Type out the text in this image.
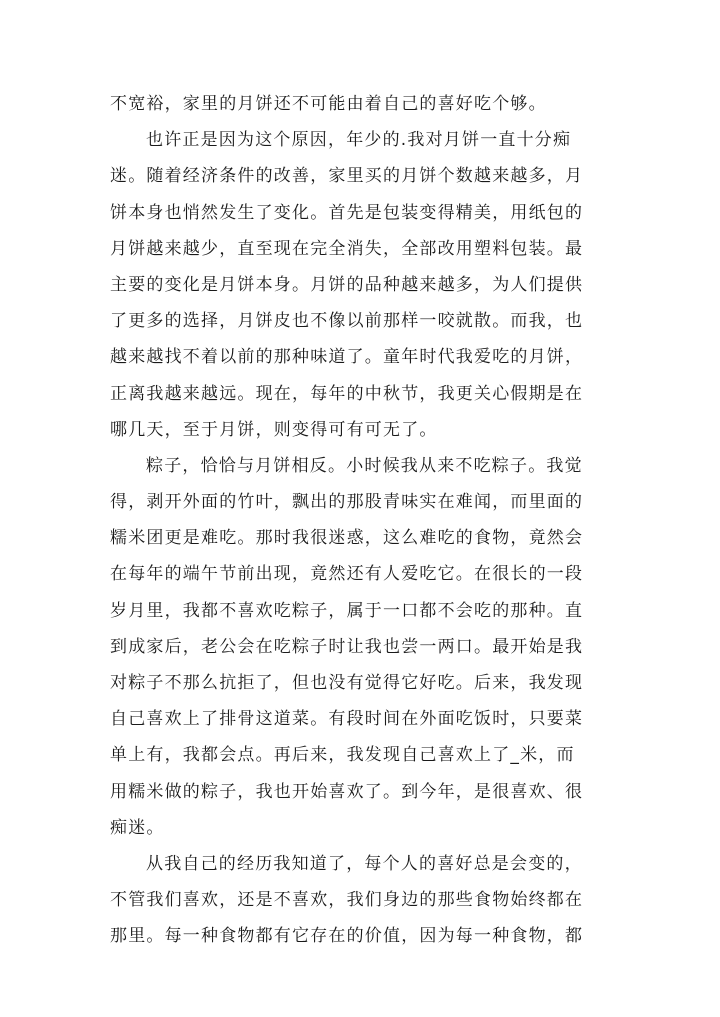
不宽裕，家里的月饼还不可能由着自己的喜好吃个够。
也许正是因为这个原因，年少的.我对月饼一直十分痴
迷。随着经济条件的改善，家里买的月饼个数越来越多，月
饼本身也悄然发生了变化。首先是包装变得精美，用纸包的
月饼越来越少，直至现在完全消失，全部改用塑料包装。最
主要的变化是月饼本身。月饼的品种越来越多，为人们提供
了更多的选择，月饼皮也不像以前那样一咬就散。而我，也
越来越找不着以前的那种味道了。童年时代我爱吃的月饼，
正离我越来越远。现在，每年的中秋节，我更关心假期是在
哪几天，至于月饼，则变得可有可无了。
粽子，恰恰与月饼相反。小时候我从来不吃粽子。我觉
得，剥开外面的竹叶，飘出的那股青味实在难闻，而里面的
糯米团更是难吃。那时我很迷惑，这么难吃的食物，竟然会
在每年的端午节前出现，竟然还有人爱吃它。在很长的一段
岁月里，我都不喜欢吃粽子，属于一口都不会吃的那种。直
到成家后，老公会在吃粽子时让我也尝一两口。最开始是我
对粽子不那么抗拒了，但也没有觉得它好吃。后来，我发现
自己喜欢上了排骨这道菜。有段时间在外面吃饭时，只要菜
单上有，我都会点。再后来，我发现自己喜欢上了_米，而
用糯米做的粽子，我也开始喜欢了。到今年，是很喜欢、很
痴迷。
从我自己的经历我知道了，每个人的喜好总是会变的，
不管我们喜欢，还是不喜欢，我们身边的那些食物始终都在
那里。每一种食物都有它存在的价值，因为每一种食物，都
